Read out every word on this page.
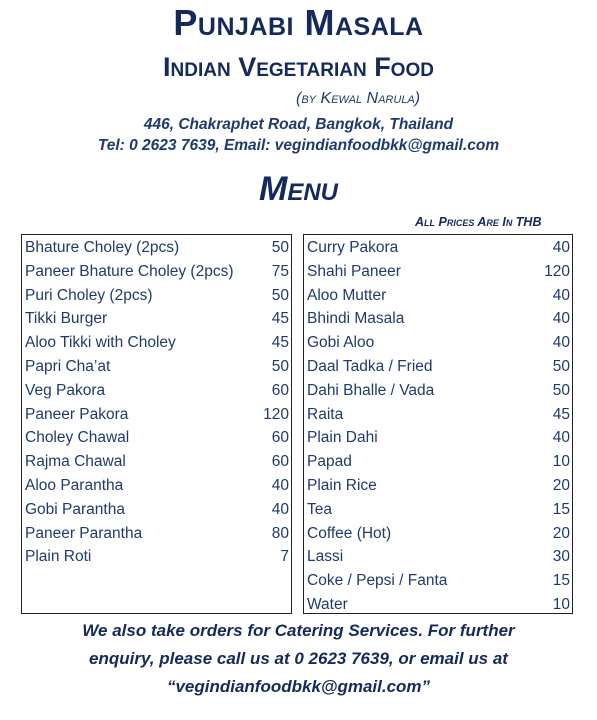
Punjabi Masala
Indian Vegetarian Food
(by Kewal Narula)
446, Chakraphet Road, Bangkok, Thailand
Tel: 0 2623 7639, Email: vegindianfoodbkk@gmail.com
Menu
All Prices Are In THB
Bhature Choley (2pcs)	50
Paneer Bhature Choley (2pcs) 75
Puri Choley (2pcs)	50
Tikki Burger	45
Aloo Tikki with Choley	45
Papri Cha’at	50
Veg Pakora	60
Paneer Pakora	120
Choley Chawal	60
Rajma Chawal	60
Aloo Parantha	40
Gobi Parantha	40
Paneer Parantha	80
Plain Roti	7
Curry Pakora	40
Shahi Paneer	120
Aloo Mutter	40
Bhindi Masala	40
Gobi Aloo	40
Daal Tadka / Fried	50
Dahi Bhalle / Vada	50
Raita	45
Plain Dahi	40
Papad	10
Plain Rice	20
Tea	15
Coffee (Hot)	20
Lassi	30
Coke / Pepsi / Fanta	15
Water	10
We also take orders for Catering Services. For further
enquiry, please call us at 0 2623 7639, or email us at
“vegindianfoodbkk@gmail.com”
